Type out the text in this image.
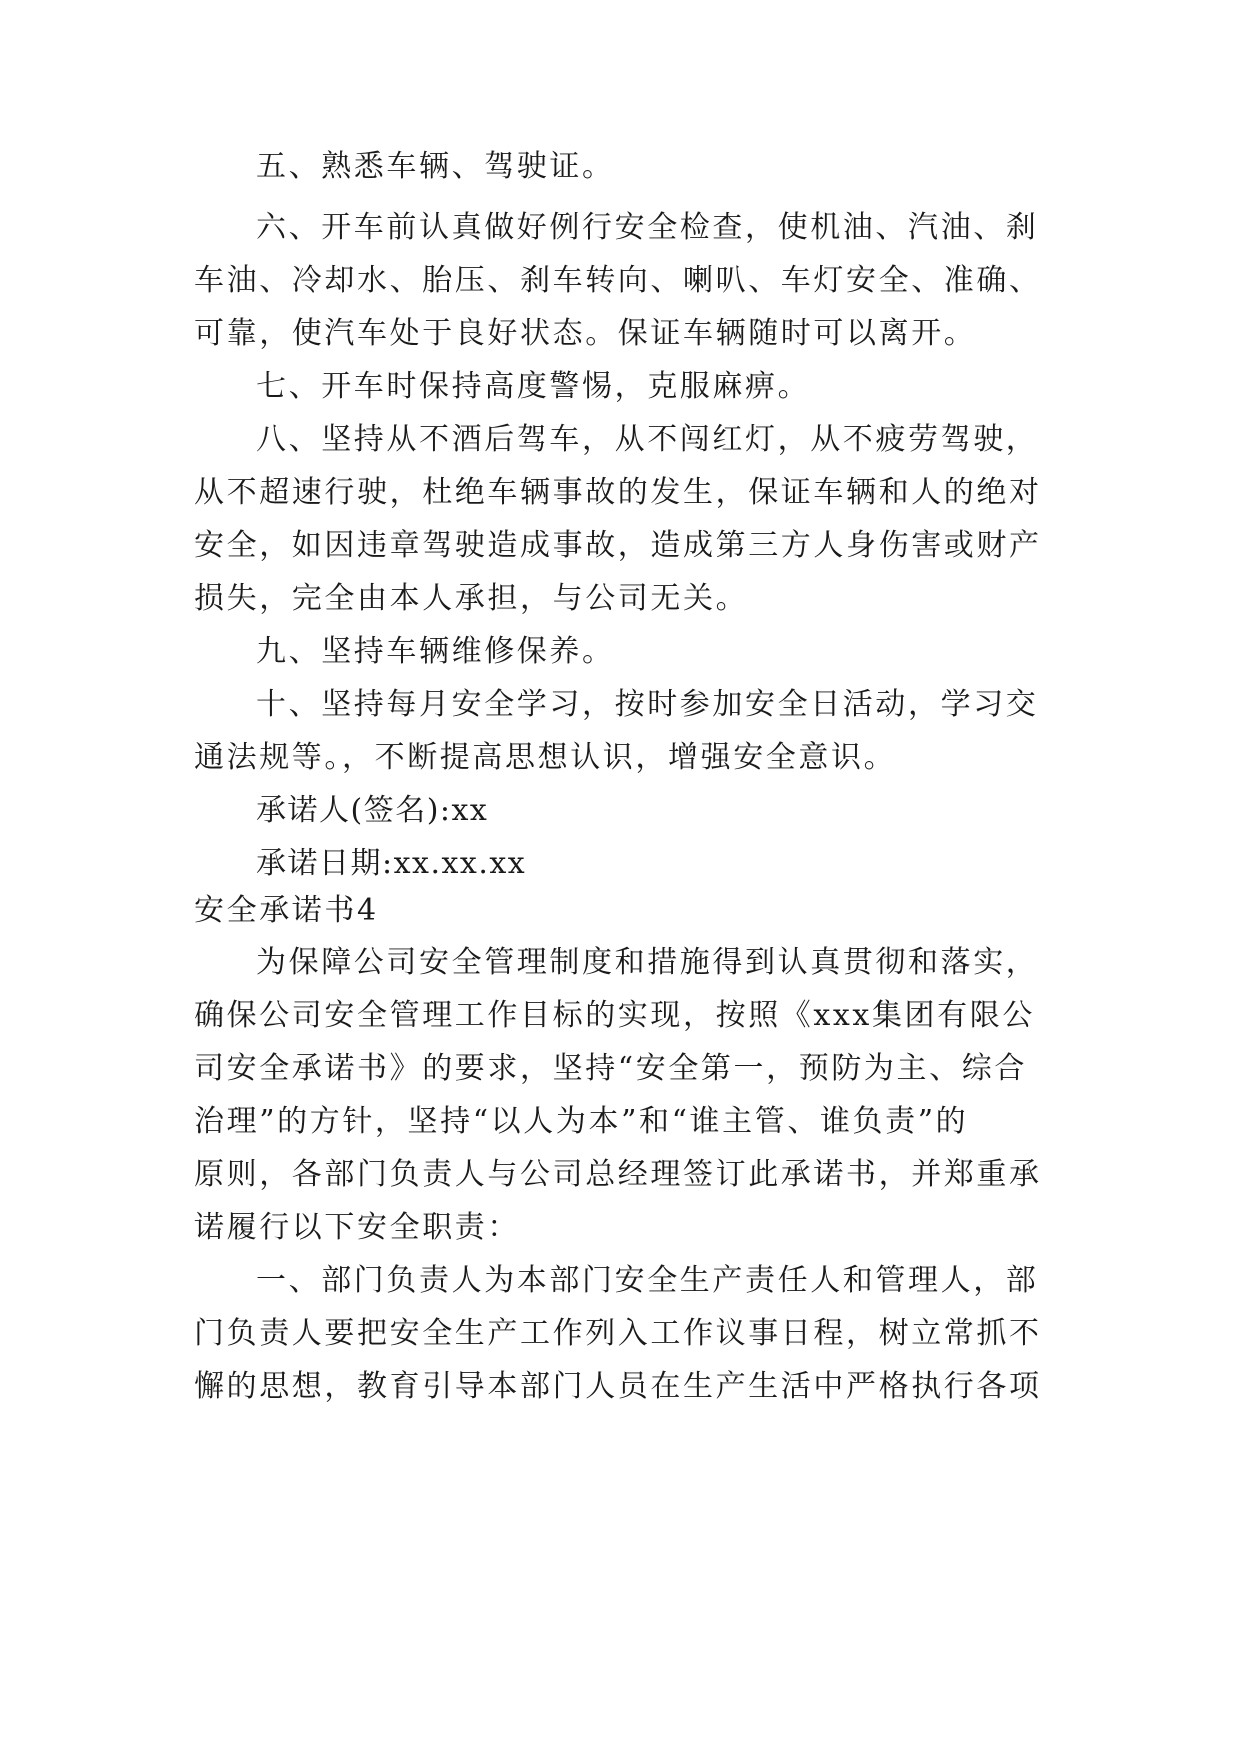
五、熟悉车辆、驾驶证。
六、开车前认真做好例行安全检查，使机油、汽油、刹
车油、冷却水、胎压、刹车转向、喇叭、车灯安全、准确、
可靠，使汽车处于良好状态。保证车辆随时可以离开。
七、开车时保持高度警惕，克服麻痹。
八、坚持从不酒后驾车，从不闯红灯，从不疲劳驾驶，
从不超速行驶，杜绝车辆事故的发生，保证车辆和人的绝对
安全，如因违章驾驶造成事故，造成第三方人身伤害或财产
损失，完全由本人承担，与公司无关。
九、坚持车辆维修保养。
十、坚持每月安全学习，按时参加安全日活动，学习交
通法规等。，不断提高思想认识，增强安全意识。
承诺人(签名):xx
承诺日期:xx.xx.xx
安全承诺书4
为保障公司安全管理制度和措施得到认真贯彻和落实，
确保公司安全管理工作目标的实现，按照《xxx集团有限公
司安全承诺书》的要求，坚持“安全第一，预防为主、综合
治理”的方针，坚持“以人为本”和“谁主管、谁负责”的
原则，各部门负责人与公司总经理签订此承诺书，并郑重承
诺履行以下安全职责：
一、部门负责人为本部门安全生产责任人和管理人，部
门负责人要把安全生产工作列入工作议事日程，树立常抓不
懈的思想，教育引导本部门人员在生产生活中严格执行各项
